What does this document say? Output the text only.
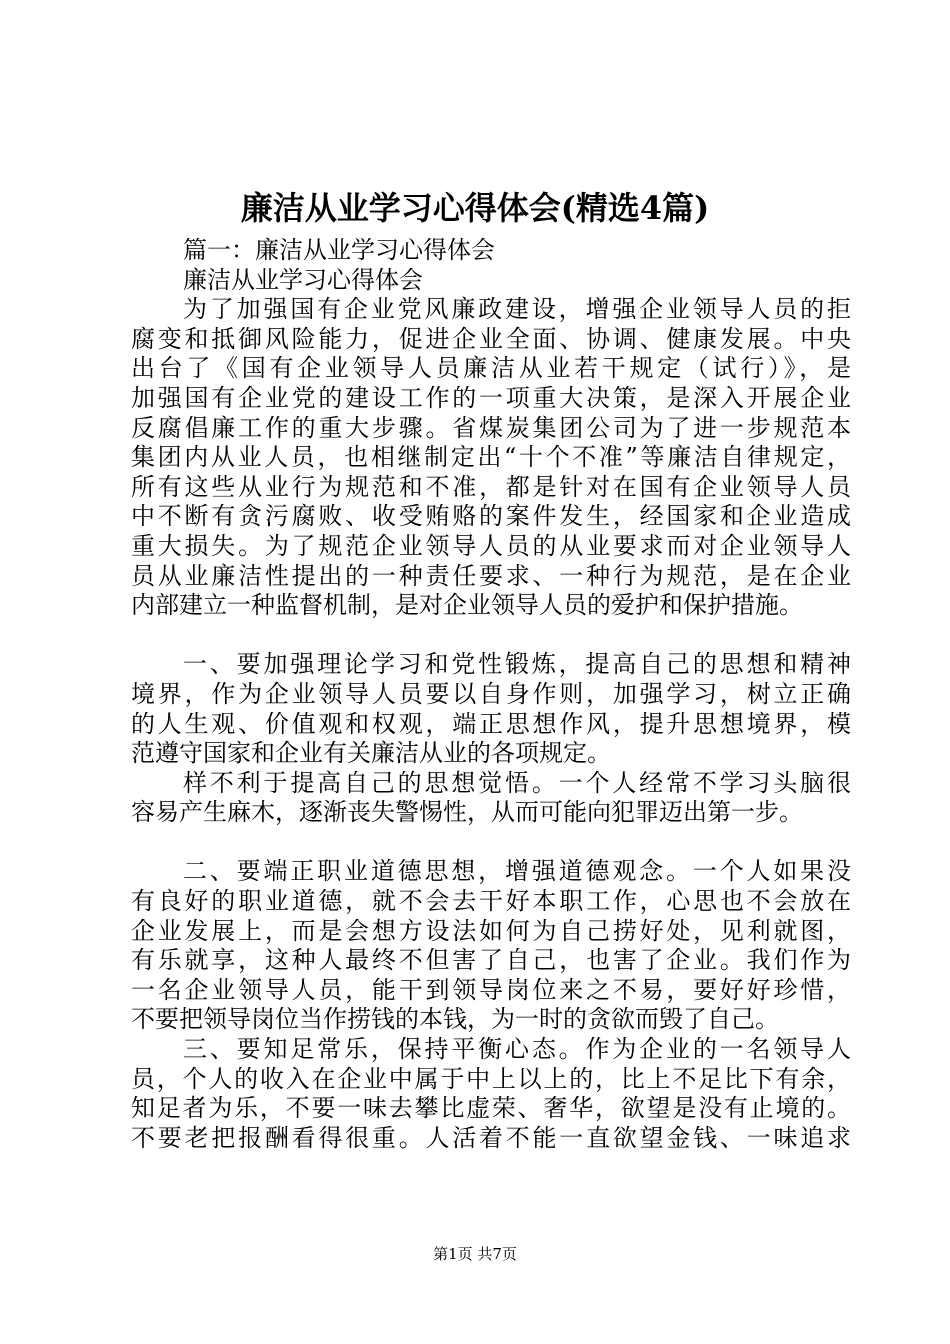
廉洁从业学习心得体会(精选4篇)
篇一：廉洁从业学习心得体会
廉洁从业学习心得体会
为了加强国有企业党风廉政建设，增强企业领导人员的拒
腐变和抵御风险能力，促进企业全面、协调、健康发展。中央
出台了《国有企业领导人员廉洁从业若干规定（试行）》，是
加强国有企业党的建设工作的一项重大决策，是深入开展企业
反腐倡廉工作的重大步骤。省煤炭集团公司为了进一步规范本
集团内从业人员，也相继制定出“十个不准”等廉洁自律规定，
所有这些从业行为规范和不准，都是针对在国有企业领导人员
中不断有贪污腐败、收受贿赂的案件发生，经国家和企业造成
重大损失。为了规范企业领导人员的从业要求而对企业领导人
员从业廉洁性提出的一种责任要求、一种行为规范，是在企业
内部建立一种监督机制，是对企业领导人员的爱护和保护措施。
一、要加强理论学习和党性锻炼，提高自己的思想和精神
境界，作为企业领导人员要以自身作则，加强学习，树立正确
的人生观、价值观和权观，端正思想作风，提升思想境界，模
范遵守国家和企业有关廉洁从业的各项规定。
样不利于提高自己的思想觉悟。一个人经常不学习头脑很
容易产生麻木，逐渐丧失警惕性，从而可能向犯罪迈出第一步。
二、要端正职业道德思想，增强道德观念。一个人如果没
有良好的职业道德，就不会去干好本职工作，心思也不会放在
企业发展上，而是会想方设法如何为自己捞好处，见利就图，
有乐就享，这种人最终不但害了自己，也害了企业。我们作为
一名企业领导人员，能干到领导岗位来之不易，要好好珍惜，
不要把领导岗位当作捞钱的本钱，为一时的贪欲而毁了自己。
三、要知足常乐，保持平衡心态。作为企业的一名领导人
员，个人的收入在企业中属于中上以上的，比上不足比下有余，
知足者为乐，不要一味去攀比虚荣、奢华，欲望是没有止境的。
不要老把报酬看得很重。人活着不能一直欲望金钱、一味追求
第1页 共7页
